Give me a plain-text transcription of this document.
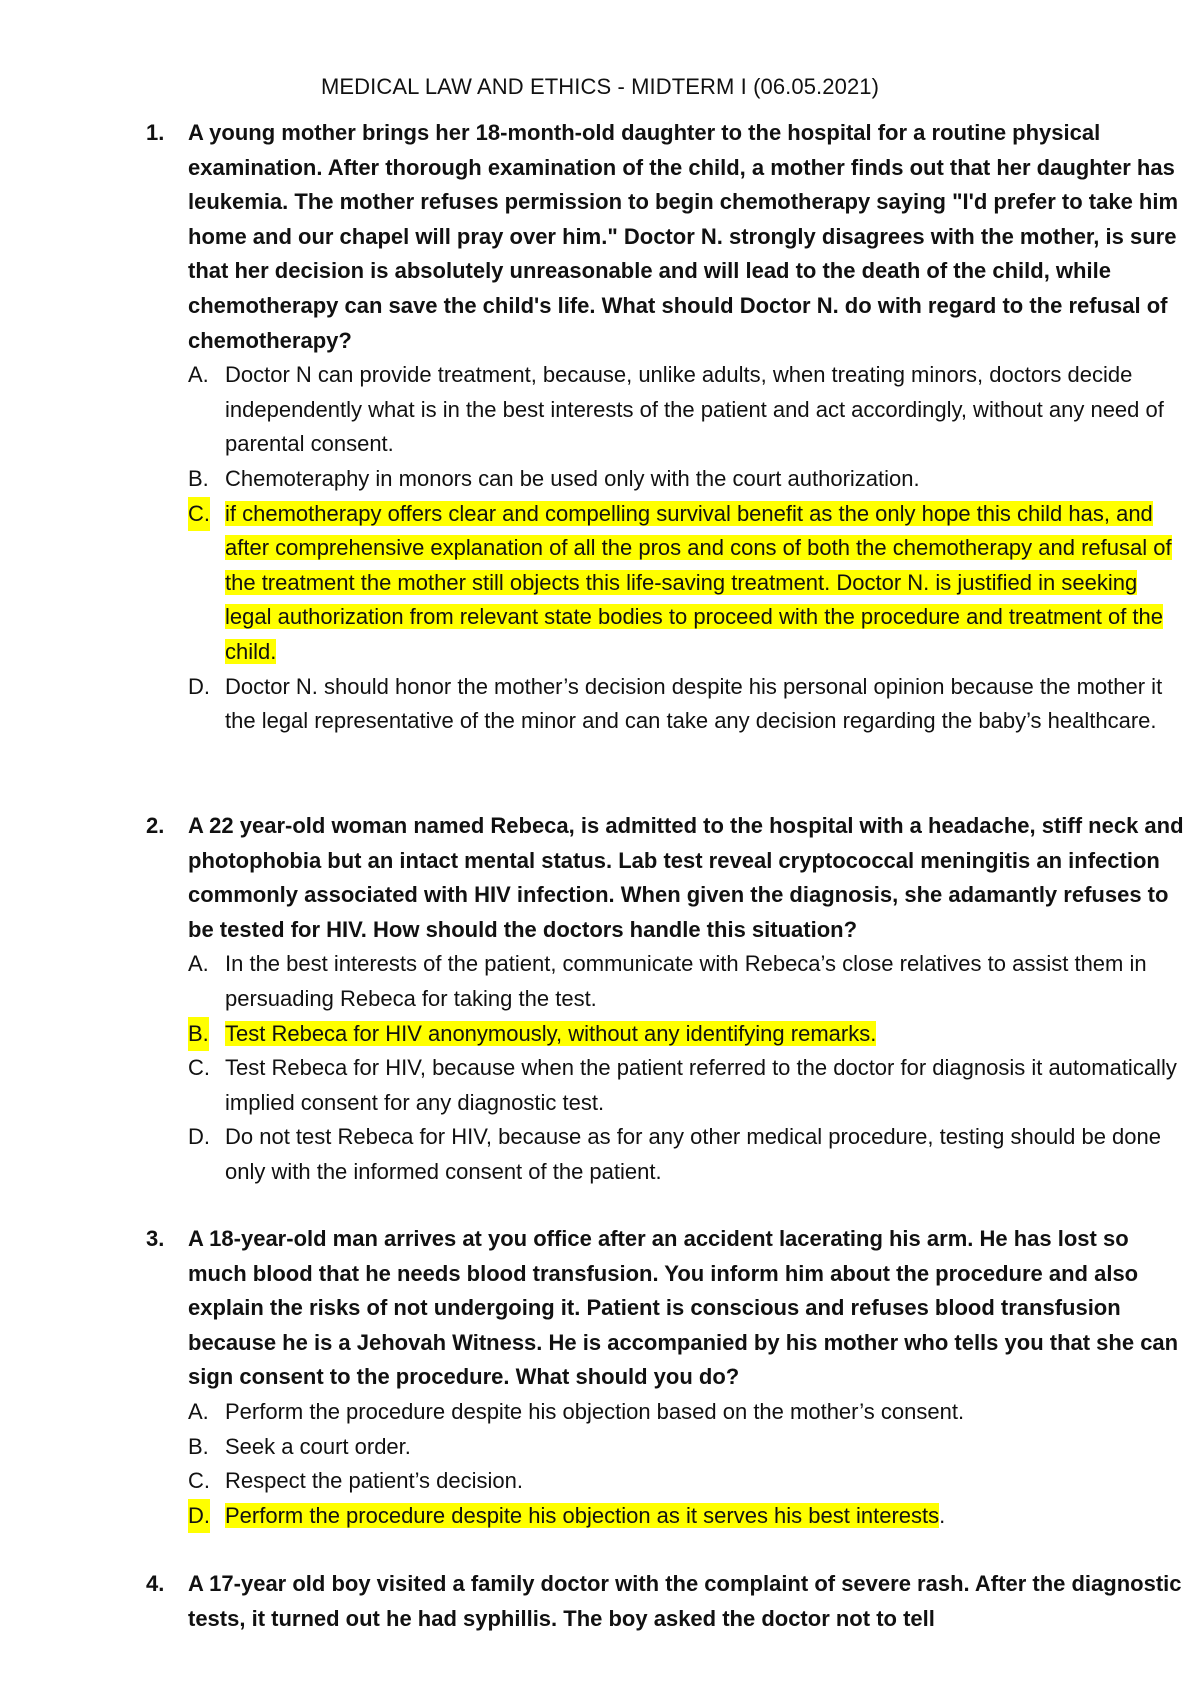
MEDICAL LAW AND ETHICS - MIDTERM I (06.05.2021)
1. A young mother brings her 18-month-old daughter to the hospital for a routine physical examination. After thorough examination of the child, a mother finds out that her daughter has leukemia. The mother refuses permission to begin chemotherapy saying "I'd prefer to take him home and our chapel will pray over him." Doctor N. strongly disagrees with the mother, is sure that her decision is absolutely unreasonable and will lead to the death of the child, while chemotherapy can save the child's life. What should Doctor N. do with regard to the refusal of chemotherapy?
A. Doctor N can provide treatment, because, unlike adults, when treating minors, doctors decide independently what is in the best interests of the patient and act accordingly, without any need of parental consent.
B. Chemoteraphy in monors can be used only with the court authorization.
C. if chemotherapy offers clear and compelling survival benefit as the only hope this child has, and after comprehensive explanation of all the pros and cons of both the chemotherapy and refusal of the treatment the mother still objects this life-saving treatment. Doctor N. is justified in seeking legal authorization from relevant state bodies to proceed with the procedure and treatment of the child.
D. Doctor N. should honor the mother’s decision despite his personal opinion because the mother it the legal representative of the minor and can take any decision regarding the baby’s healthcare.
2. A 22 year-old woman named Rebeca, is admitted to the hospital with a headache, stiff neck and photophobia but an intact mental status. Lab test reveal cryptococcal meningitis an infection commonly associated with HIV infection. When given the diagnosis, she adamantly refuses to be tested for HIV. How should the doctors handle this situation?
A. In the best interests of the patient, communicate with Rebeca’s close relatives to assist them in persuading Rebeca for taking the test.
B. Test Rebeca for HIV anonymously, without any identifying remarks.
C. Test Rebeca for HIV, because when the patient referred to the doctor for diagnosis it automatically implied consent for any diagnostic test.
D. Do not test Rebeca for HIV, because as for any other medical procedure, testing should be done only with the informed consent of the patient.
3. A 18-year-old man arrives at you office after an accident lacerating his arm. He has lost so much blood that he needs blood transfusion. You inform him about the procedure and also explain the risks of not undergoing it. Patient is conscious and refuses blood transfusion because he is a Jehovah Witness. He is accompanied by his mother who tells you that she can sign consent to the procedure. What should you do?
A. Perform the procedure despite his objection based on the mother’s consent.
B. Seek a court order.
C. Respect the patient’s decision.
D. Perform the procedure despite his objection as it serves his best interests.
4. A 17-year old boy visited a family doctor with the complaint of severe rash. After the diagnostic tests, it turned out he had syphillis. The boy asked the doctor not to tell
